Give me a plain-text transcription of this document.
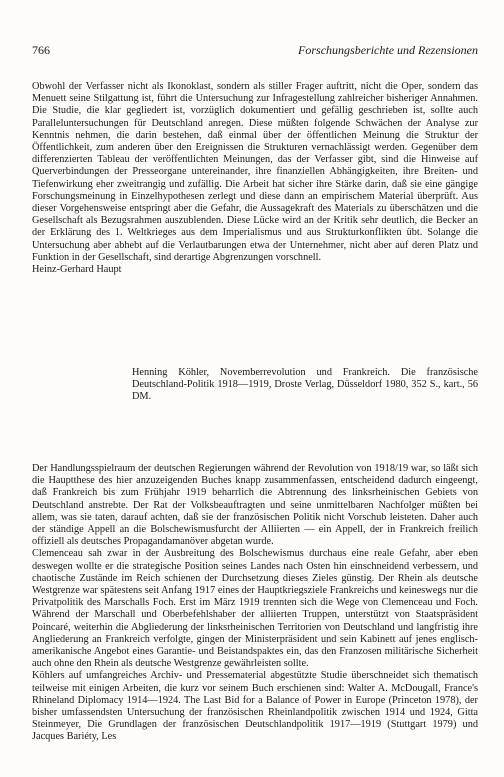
766	Forschungsberichte und Rezensionen

Obwohl der Verfasser nicht als Ikonoklast, sondern als stiller Frager auftritt, nicht die Oper, sondern das Menuett seine Stilgattung ist, führt die Untersuchung zur Infragestellung zahlreicher bisheriger Annahmen. Die Studie, die klar gegliedert ist, vorzüglich dokumentiert und gefällig geschrieben ist, sollte auch Paralleluntersuchungen für Deutschland anregen. Diese müßten folgende Schwächen der Analyse zur Kenntnis nehmen, die darin bestehen, daß einmal über der öffentlichen Meinung die Struktur der Öffentlichkeit, zum anderen über den Ereignissen die Strukturen vernachlässigt werden. Gegenüber dem differenzierten Tableau der veröffentlichten Meinungen, das der Verfasser gibt, sind die Hinweise auf Querverbindungen der Presseorgane untereinander, ihre finanziellen Abhängigkeiten, ihre Breiten- und Tiefenwirkung eher zweitrangig und zufällig. Die Arbeit hat sicher ihre Stärke darin, daß sie eine gängige Forschungsmeinung in Einzelhypothesen zerlegt und diese dann an empirischem Material überprüft. Aus dieser Vorgehensweise entspringt aber die Gefahr, die Aussagekraft des Materials zu überschätzen und die Gesellschaft als Bezugsrahmen auszublenden. Diese Lücke wird an der Kritik sehr deutlich, die Becker an der Erklärung des 1. Weltkrieges aus dem Imperialismus und aus Strukturkonflikten übt. Solange die Untersuchung aber abhebt auf die Verlautbarungen etwa der Unternehmer, nicht aber auf deren Platz und Funktion in der Gesellschaft, sind derartige Abgrenzungen vorschnell.

Heinz-Gerhard Haupt

Henning Köhler, Novemberrevolution und Frankreich. Die französische Deutschland-Politik 1918—1919, Droste Verlag, Düsseldorf 1980, 352 S., kart., 56 DM.

Der Handlungsspielraum der deutschen Regierungen während der Revolution von 1918/19 war, so läßt sich die Hauptthese des hier anzuzeigenden Buches knapp zusammenfassen, entscheidend dadurch eingeengt, daß Frankreich bis zum Frühjahr 1919 beharrlich die Abtrennung des linksrheinischen Gebiets von Deutschland anstrebte. Der Rat der Volksbeauftragten und seine unmittelbaren Nachfolger müßten bei allem, was sie taten, darauf achten, daß sie der französischen Politik nicht Vorschub leisteten. Daher auch der ständige Appell an die Bolschewismusfurcht der Alliierten — ein Appell, der in Frankreich freilich offiziell als deutsches Propagandamanöver abgetan wurde.

Clemenceau sah zwar in der Ausbreitung des Bolschewismus durchaus eine reale Gefahr, aber eben deswegen wollte er die strategische Position seines Landes nach Osten hin einschneidend verbessern, und chaotische Zustände im Reich schienen der Durchsetzung dieses Zieles günstig. Der Rhein als deutsche Westgrenze war spätestens seit Anfang 1917 eines der Hauptkriegsziele Frankreichs und keineswegs nur die Privatpolitik des Marschalls Foch. Erst im März 1919 trennten sich die Wege von Clemenceau und Foch. Während der Marschall und Oberbefehlshaber der alliierten Truppen, unterstützt von Staatspräsident Poincaré, weiterhin die Abgliederung der linksrheinischen Territorien von Deutschland und langfristig ihre Angliederung an Frankreich verfolgte, gingen der Ministerpräsident und sein Kabinett auf jenes englisch-amerikanische Angebot eines Garantie- und Beistandspaktes ein, das den Franzosen militärische Sicherheit auch ohne den Rhein als deutsche Westgrenze gewährleisten sollte.

Köhlers auf umfangreiches Archiv- und Pressematerial abgestützte Studie überschneidet sich thematisch teilweise mit einigen Arbeiten, die kurz vor seinem Buch erschienen sind: Walter A. McDougall, France's Rhineland Diplomacy 1914—1924. The Last Bid for a Balance of Power in Europe (Princeton 1978), der bisher umfassendsten Untersuchung der französischen Rheinlandpolitik zwischen 1914 und 1924, Gitta Steinmeyer, Die Grundlagen der französischen Deutschlandpolitik 1917—1919 (Stuttgart 1979) und Jacques Bariéty, Les
